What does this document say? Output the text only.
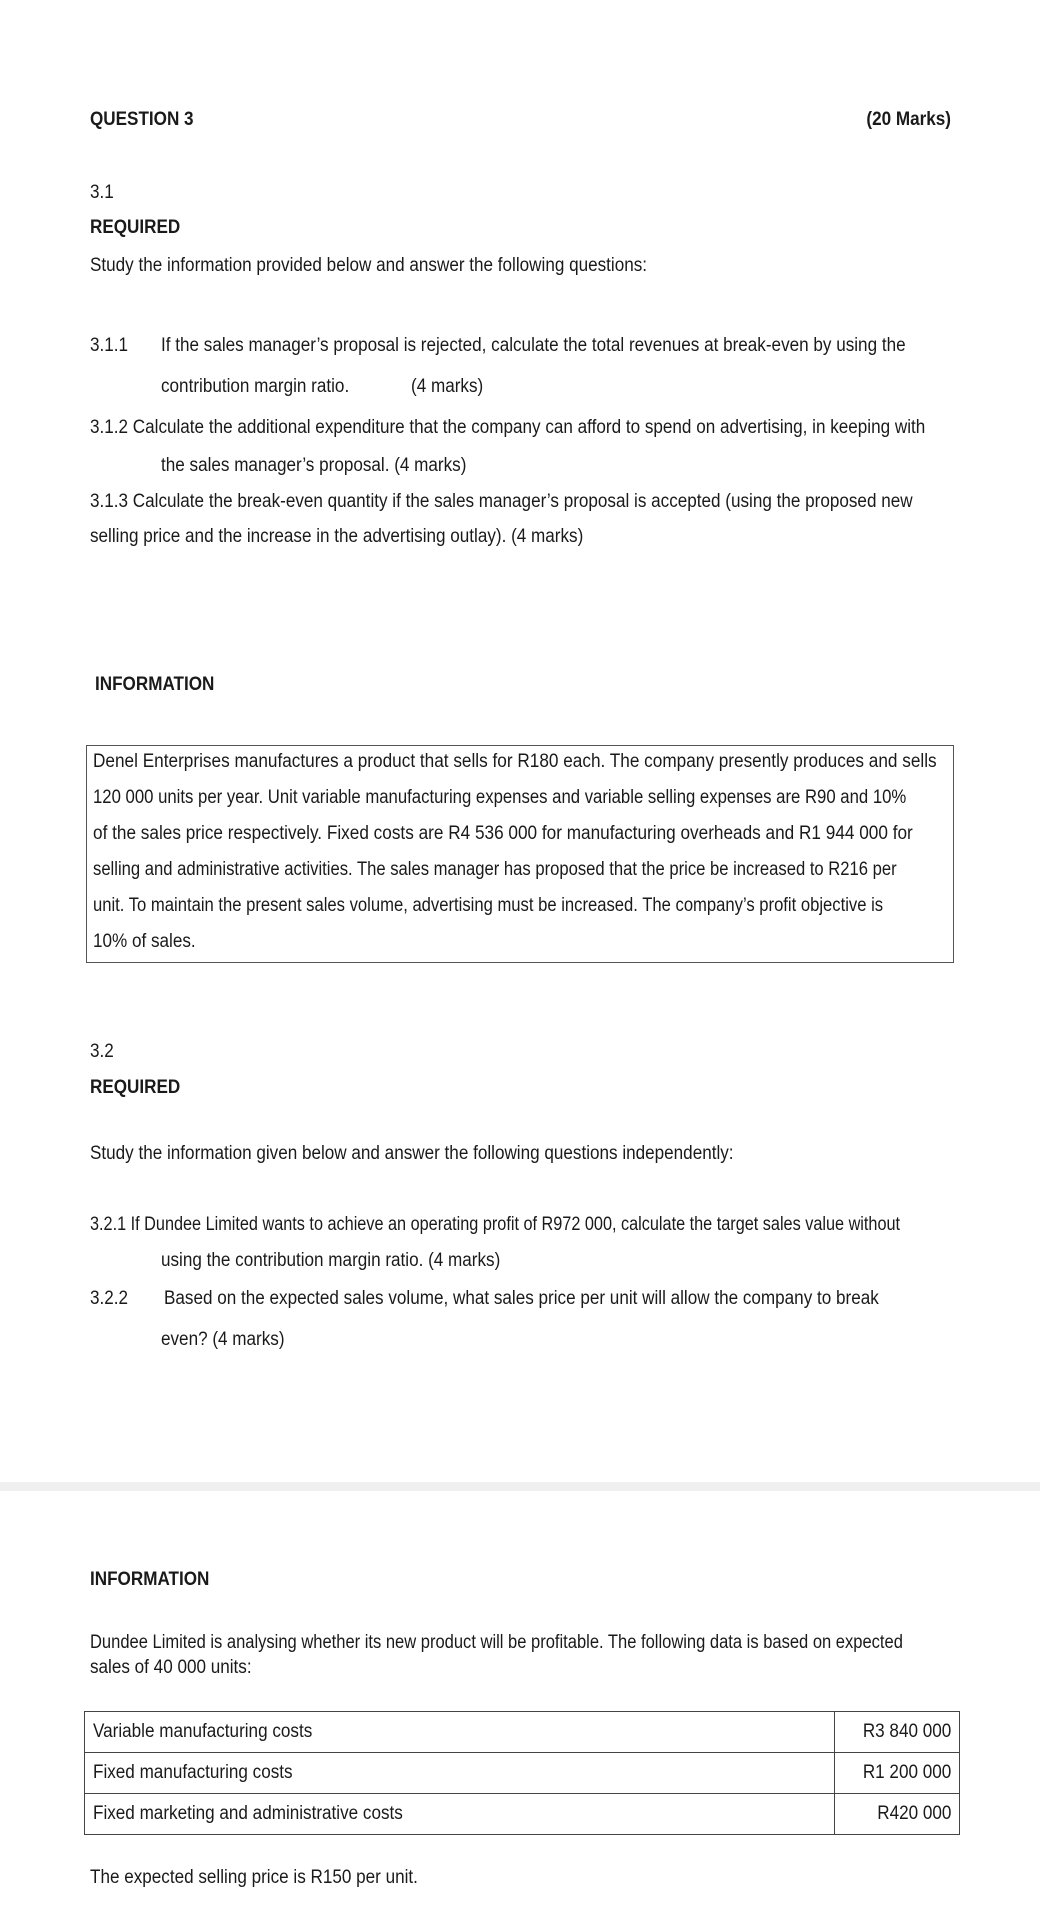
QUESTION 3	(20 Marks)
3.1
REQUIRED
Study the information provided below and answer the following questions:
3.1.1 If the sales manager’s proposal is rejected, calculate the total revenues at break-even by using the
contribution margin ratio.	(4 marks)
3.1.2 Calculate the additional expenditure that the company can afford to spend on advertising, in keeping with
the sales manager’s proposal. (4 marks)
3.1.3 Calculate the break-even quantity if the sales manager’s proposal is accepted (using the proposed new
selling price and the increase in the advertising outlay). (4 marks)
INFORMATION
Denel Enterprises manufactures a product that sells for R180 each. The company presently produces and sells
120 000 units per year. Unit variable manufacturing expenses and variable selling expenses are R90 and 10%
of the sales price respectively. Fixed costs are R4 536 000 for manufacturing overheads and R1 944 000 for
selling and administrative activities. The sales manager has proposed that the price be increased to R216 per
unit. To maintain the present sales volume, advertising must be increased. The company’s profit objective is
10% of sales.
3.2
REQUIRED
Study the information given below and answer the following questions independently:
3.2.1 If Dundee Limited wants to achieve an operating profit of R972 000, calculate the target sales value without
using the contribution margin ratio. (4 marks)
3.2.2 Based on the expected sales volume, what sales price per unit will allow the company to break
even? (4 marks)
INFORMATION
Dundee Limited is analysing whether its new product will be profitable. The following data is based on expected
sales of 40 000 units:
Variable manufacturing costs	R3 840 000
Fixed manufacturing costs	R1 200 000
Fixed marketing and administrative costs	R420 000
The expected selling price is R150 per unit.
